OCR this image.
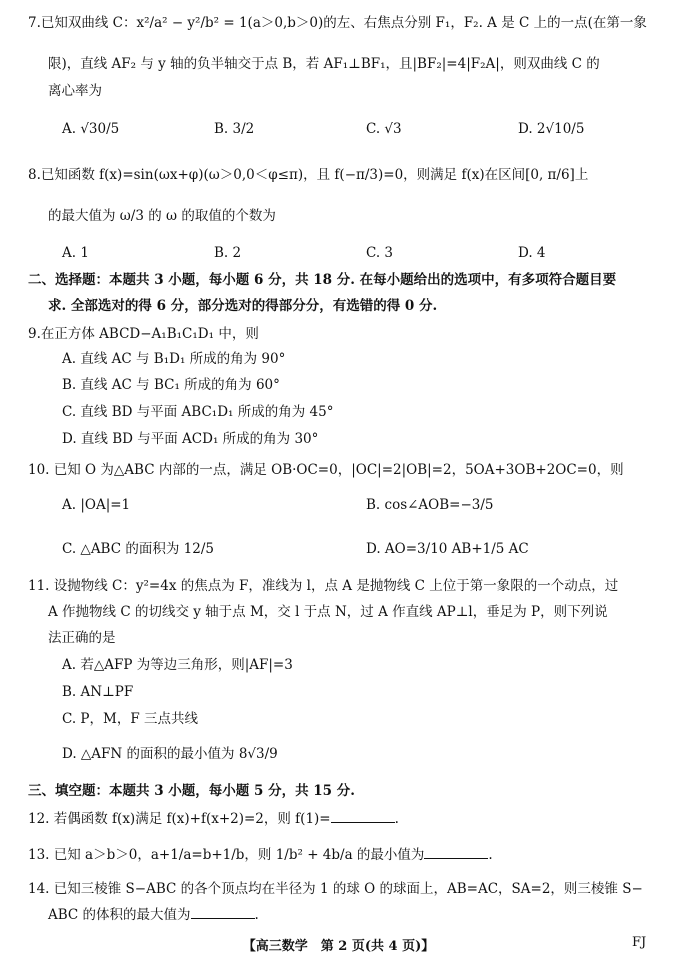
7.已知双曲线 C：x²/a² − y²/b² = 1(a＞0,b＞0)的左、右焦点分别 F₁，F₂. A 是 C 上的一点(在第一象
限)，直线 AF₂ 与 y 轴的负半轴交于点 B，若 AF₁⊥BF₁，且|BF₂|=4|F₂A|，则双曲线 C 的
离心率为
A. √30/5	B. 3/2	C. √3	D. 2√10/5
8.已知函数 f(x)=sin(ωx+φ)(ω＞0,0＜φ≤π)，且 f(−π/3)=0，则满足 f(x)在区间[0, π/6]上
的最大值为 ω/3 的 ω 的取值的个数为
A. 1	B. 2	C. 3	D. 4
二、选择题：本题共 3 小题，每小题 6 分，共 18 分. 在每小题给出的选项中，有多项符合题目要
求. 全部选对的得 6 分，部分选对的得部分分，有选错的得 0 分.
9.在正方体 ABCD−A₁B₁C₁D₁ 中，则
A. 直线 AC 与 B₁D₁ 所成的角为 90°
B. 直线 AC 与 BC₁ 所成的角为 60°
C. 直线 BD 与平面 ABC₁D₁ 所成的角为 45°
D. 直线 BD 与平面 ACD₁ 所成的角为 30°
10. 已知 O 为△ABC 内部的一点，满足 OB·OC=0，|OC|=2|OB|=2，5OA+3OB+2OC=0，则
A. |OA|=1	B. cos∠AOB=−3/5
C. △ABC 的面积为 12/5	D. AO=3/10 AB+1/5 AC
11. 设抛物线 C：y²=4x 的焦点为 F，准线为 l，点 A 是抛物线 C 上位于第一象限的一个动点，过
A 作抛物线 C 的切线交 y 轴于点 M，交 l 于点 N，过 A 作直线 AP⊥l，垂足为 P，则下列说
法正确的是
A. 若△AFP 为等边三角形，则|AF|=3
B. AN⊥PF
C. P，M，F 三点共线
D. △AFN 的面积的最小值为 8√3/9
三、填空题：本题共 3 小题，每小题 5 分，共 15 分.
12. 若偶函数 f(x)满足 f(x)+f(x+2)=2，则 f(1)=	.
13. 已知 a＞b＞0，a+1/a=b+1/b，则 1/b² + 4b/a 的最小值为	.
14. 已知三棱锥 S−ABC 的各个顶点均在半径为 1 的球 O 的球面上，AB=AC，SA=2，则三棱锥 S−
ABC 的体积的最大值为	.
【高三数学　第 2 页(共 4 页)】	FJ
